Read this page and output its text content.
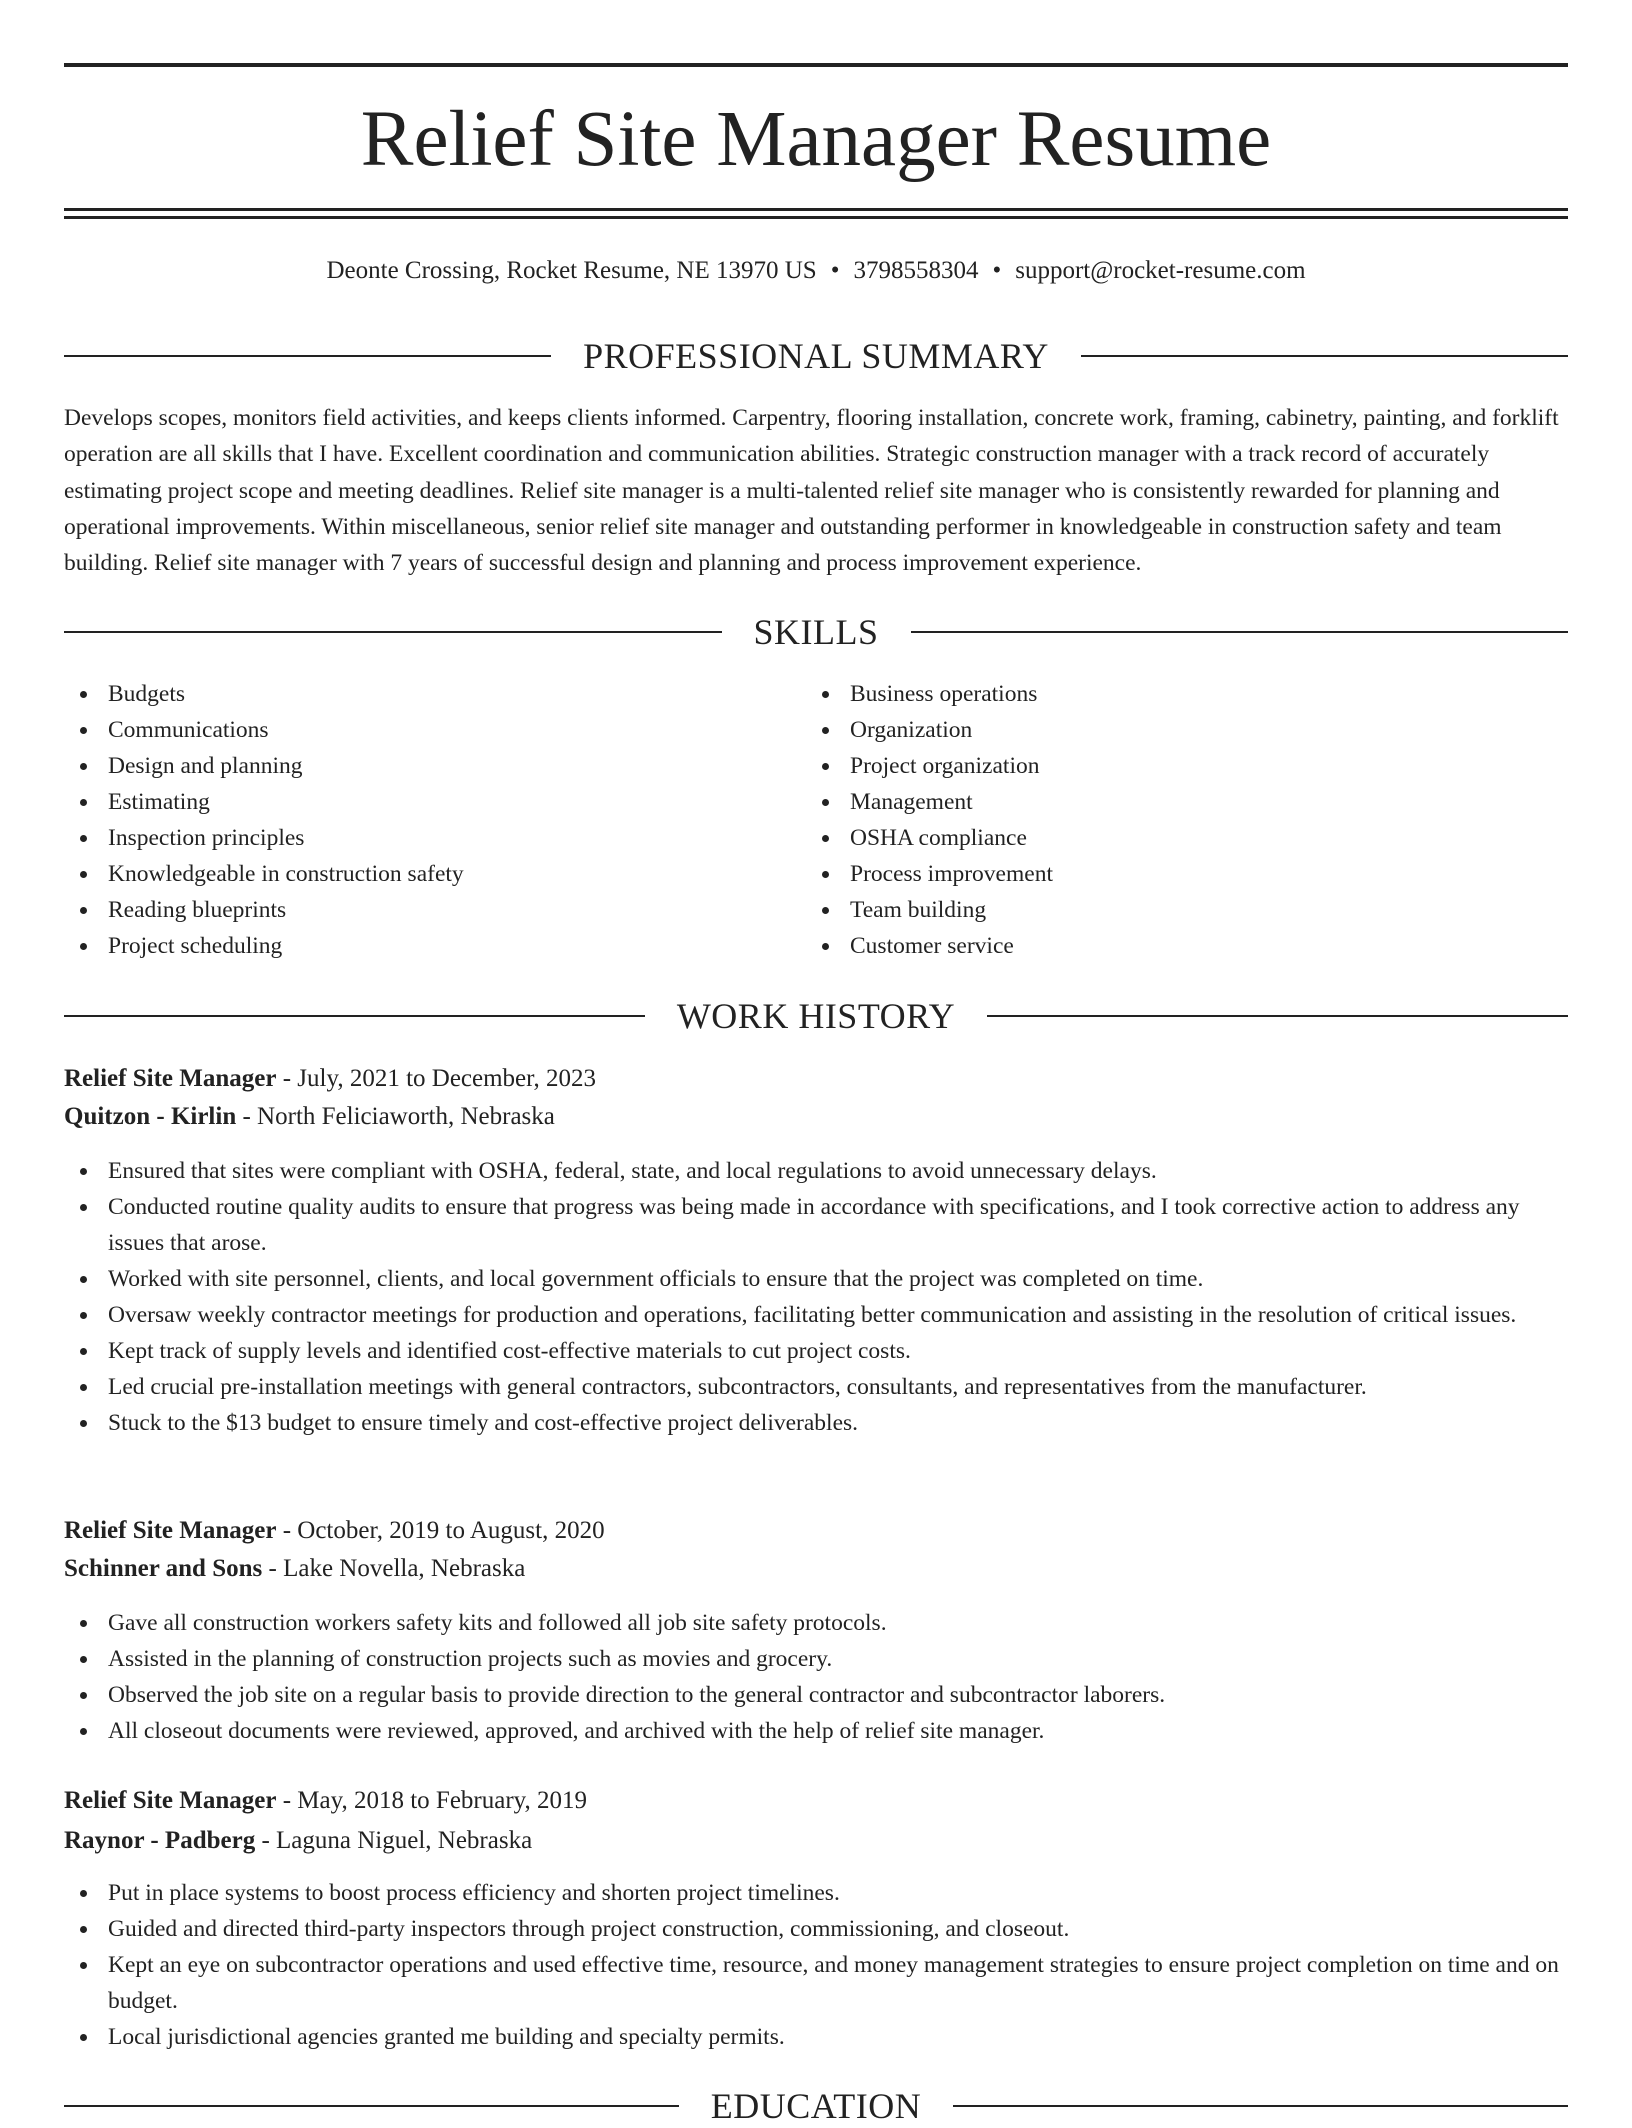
Relief Site Manager Resume
Deonte Crossing, Rocket Resume, NE 13970 US • 3798558304 • support@rocket-resume.com
PROFESSIONAL SUMMARY

Develops scopes, monitors field activities, and keeps clients informed. Carpentry, flooring installation, concrete work, framing, cabinetry, painting, and forklift operation are all skills that I have. Excellent coordination and communication abilities. Strategic construction manager with a track record of accurately estimating project scope and meeting deadlines. Relief site manager is a multi-talented relief site manager who is consistently rewarded for planning and operational improvements. Within miscellaneous, senior relief site manager and outstanding performer in knowledgeable in construction safety and team building. Relief site manager with 7 years of successful design and planning and process improvement experience.

SKILLS
Budgets
Communications
Design and planning
Estimating
Inspection principles
Knowledgeable in construction safety
Reading blueprints
Project scheduling
Business operations
Organization
Project organization
Management
OSHA compliance
Process improvement
Team building
Customer service
WORK HISTORY
Relief Site Manager - July, 2021 to December, 2023
Quitzon - Kirlin - North Feliciaworth, Nebraska
Ensured that sites were compliant with OSHA, federal, state, and local regulations to avoid unnecessary delays.
Conducted routine quality audits to ensure that progress was being made in accordance with specifications, and I took corrective action to address any issues that arose.
Worked with site personnel, clients, and local government officials to ensure that the project was completed on time.
Oversaw weekly contractor meetings for production and operations, facilitating better communication and assisting in the resolution of critical issues.
Kept track of supply levels and identified cost-effective materials to cut project costs.
Led crucial pre-installation meetings with general contractors, subcontractors, consultants, and representatives from the manufacturer.
Stuck to the $13 budget to ensure timely and cost-effective project deliverables.
Relief Site Manager - October, 2019 to August, 2020
Schinner and Sons - Lake Novella, Nebraska
Gave all construction workers safety kits and followed all job site safety protocols.
Assisted in the planning of construction projects such as movies and grocery.
Observed the job site on a regular basis to provide direction to the general contractor and subcontractor laborers.
All closeout documents were reviewed, approved, and archived with the help of relief site manager.
Relief Site Manager - May, 2018 to February, 2019
Raynor - Padberg - Laguna Niguel, Nebraska
Put in place systems to boost process efficiency and shorten project timelines.
Guided and directed third-party inspectors through project construction, commissioning, and closeout.
Kept an eye on subcontractor operations and used effective time, resource, and money management strategies to ensure project completion on time and on budget.
Local jurisdictional agencies granted me building and specialty permits.
EDUCATION
